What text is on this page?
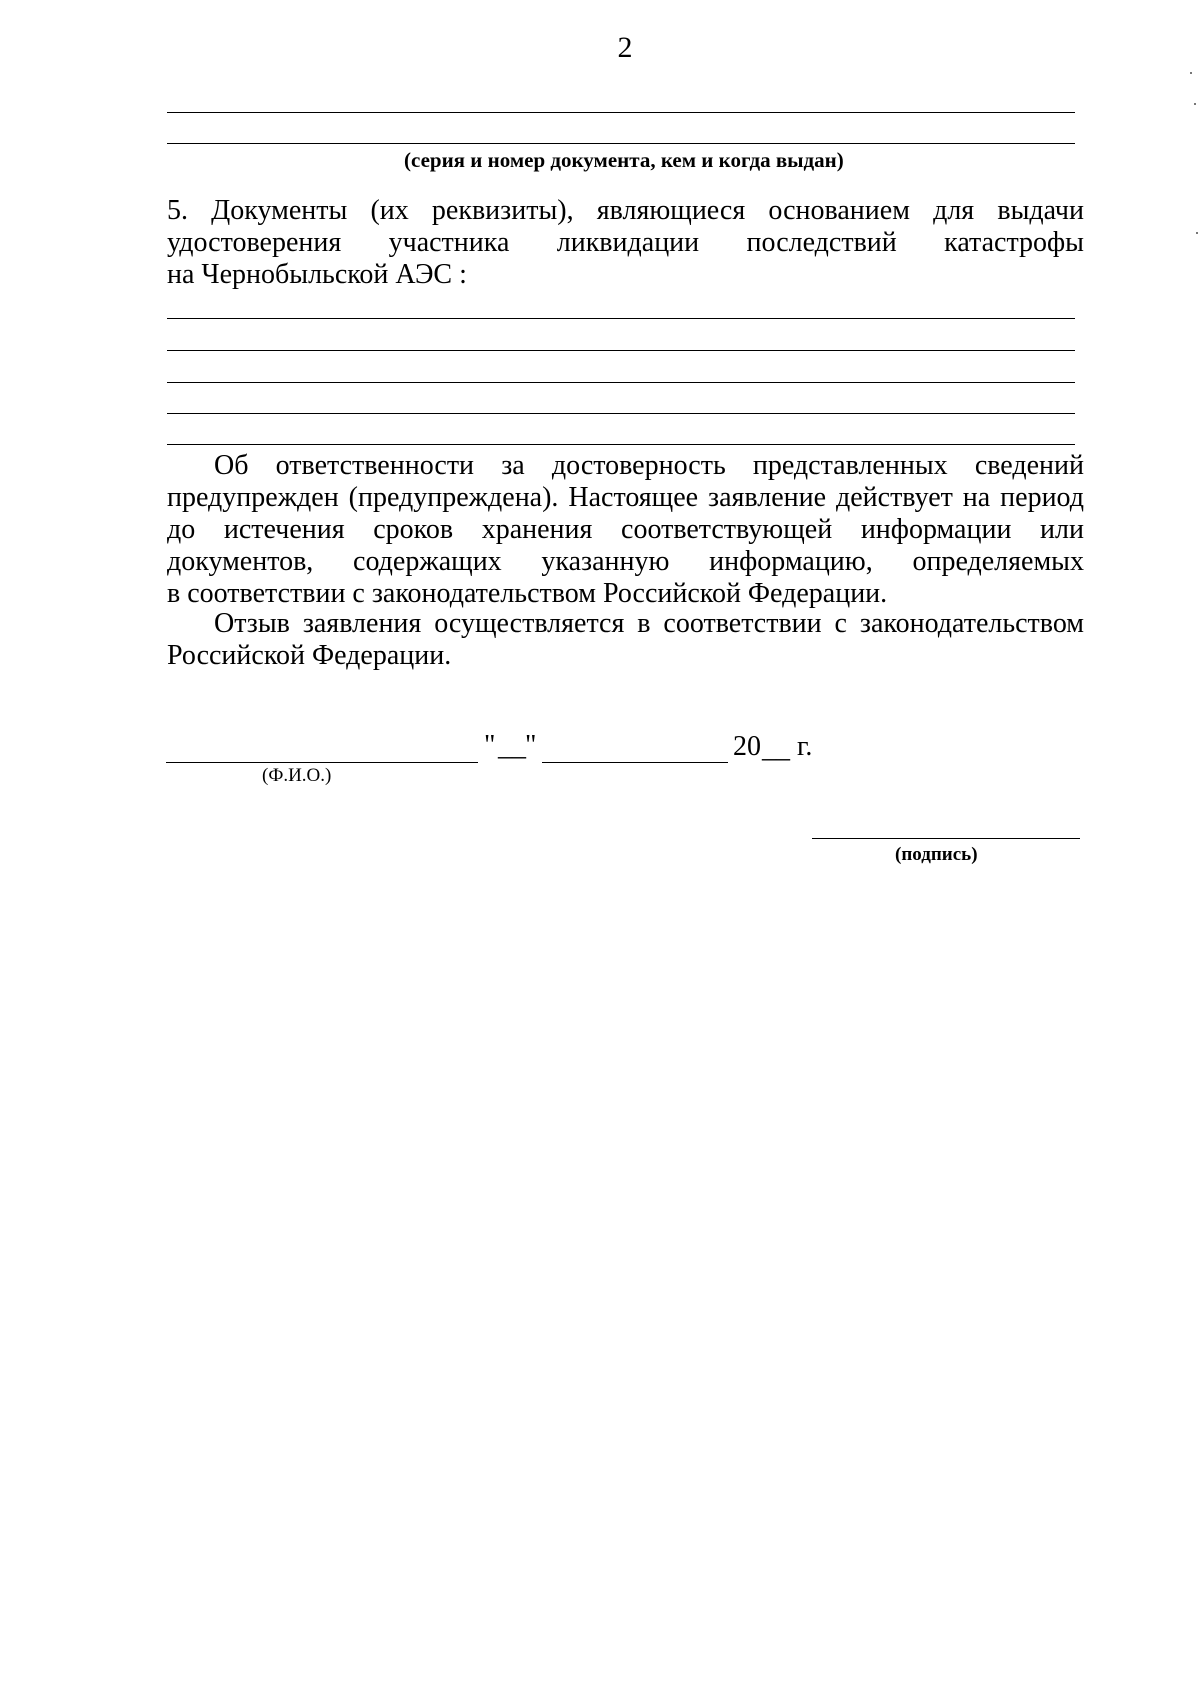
2
(серия и номер документа, кем и когда выдан)
5. Документы (их реквизиты), являющиеся основанием для выдачи
удостоверения участника ликвидации последствий катастрофы
на Чернобыльской АЭС :
Об ответственности за достоверность представленных сведений
предупрежден (предупреждена). Настоящее заявление действует на период
до истечения сроков хранения соответствующей информации или
документов, содержащих указанную информацию, определяемых
в соответствии с законодательством Российской Федерации.
Отзыв заявления осуществляется в соответствии с законодательством
Российской Федерации.
(Ф.И.О.)
" __ "	20 __ г.
(подпись)
